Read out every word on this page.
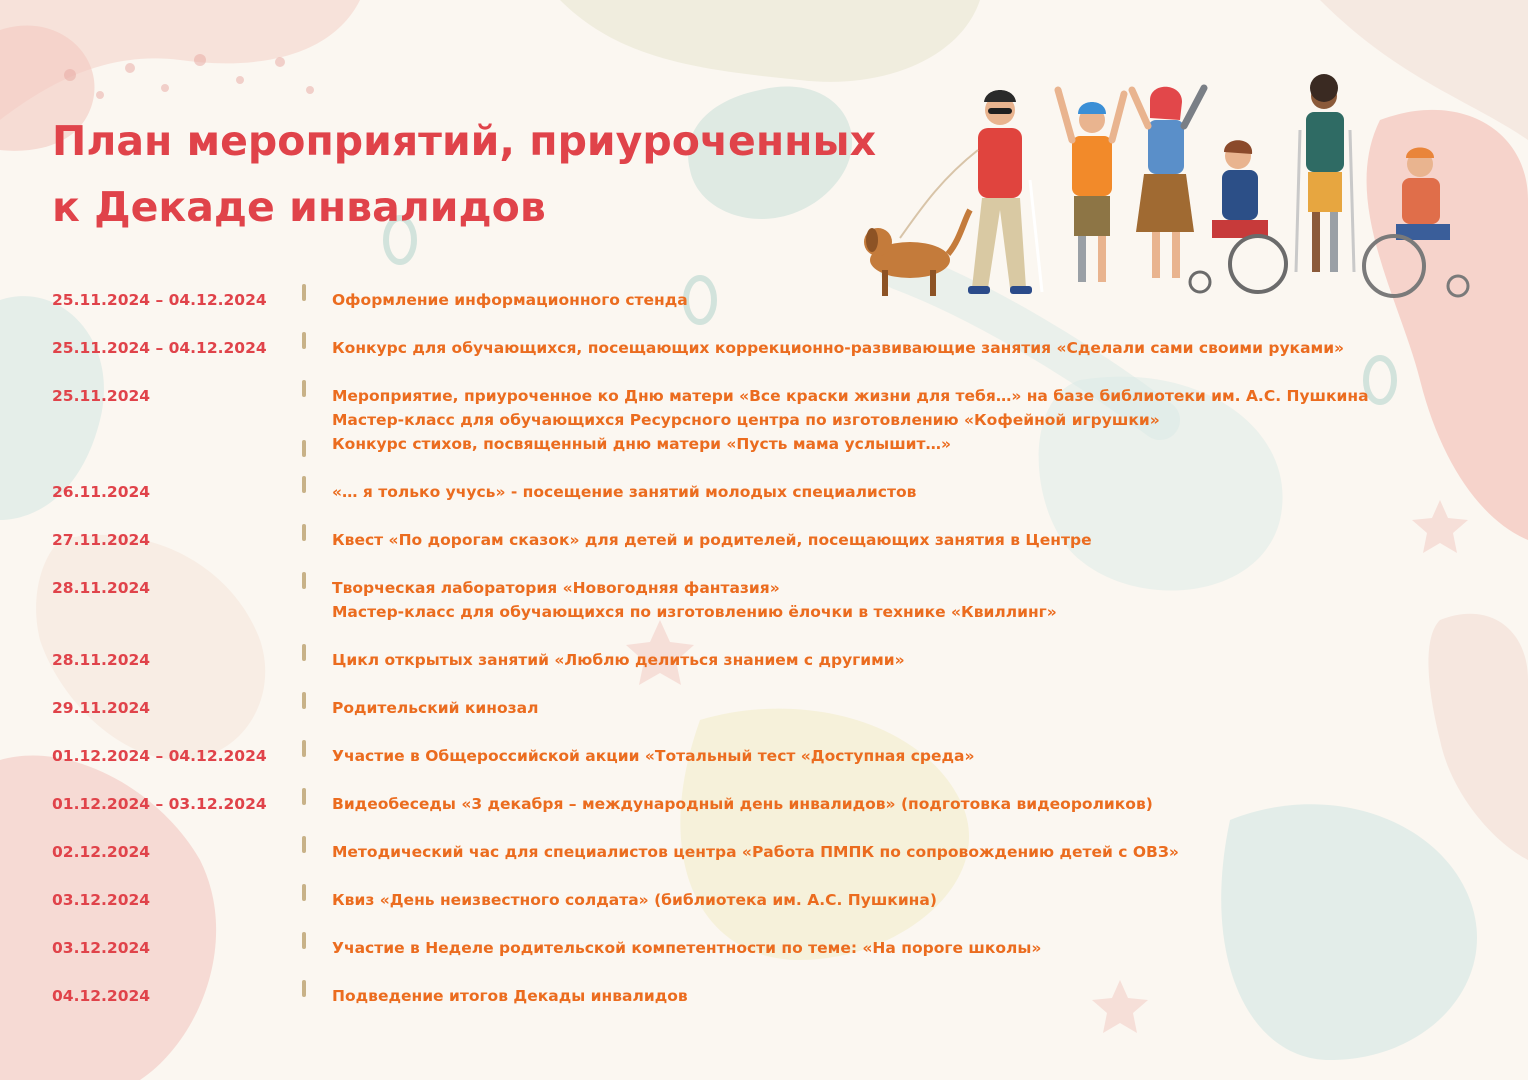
План мероприятий, приуроченных
к Декаде инвалидов
25.11.2024 – 04.12.2024	Оформление информационного стенда
25.11.2024 – 04.12.2024	Конкурс для обучающихся, посещающих коррекционно-развивающие занятия «Сделали сами своими руками»
25.11.2024	Мероприятие, приуроченное ко Дню матери «Все краски жизни для тебя…» на базе библиотеки им. А.С. Пушкина
Мастер-класс для обучающихся Ресурсного центра по изготовлению «Кофейной игрушки»
Конкурс стихов, посвященный дню матери «Пусть мама услышит…»
26.11.2024	«… я только учусь» - посещение занятий молодых специалистов
27.11.2024	Квест «По дорогам сказок» для детей и родителей, посещающих занятия в Центре
28.11.2024	Творческая лаборатория «Новогодняя фантазия»
Мастер-класс для обучающихся по изготовлению ёлочки в технике «Квиллинг»
28.11.2024	Цикл открытых занятий «Люблю делиться знанием с другими»
29.11.2024	Родительский кинозал
01.12.2024 – 04.12.2024	Участие в Общероссийской акции «Тотальный тест «Доступная среда»
01.12.2024 – 03.12.2024	Видеобеседы «3 декабря – международный день инвалидов» (подготовка видеороликов)
02.12.2024	Методический час для специалистов центра «Работа ПМПК по сопровождению детей с ОВЗ»
03.12.2024	Квиз «День неизвестного солдата» (библиотека им. А.С. Пушкина)
03.12.2024	Участие в Неделе родительской компетентности по теме: «На пороге школы»
04.12.2024	Подведение итогов Декады инвалидов
